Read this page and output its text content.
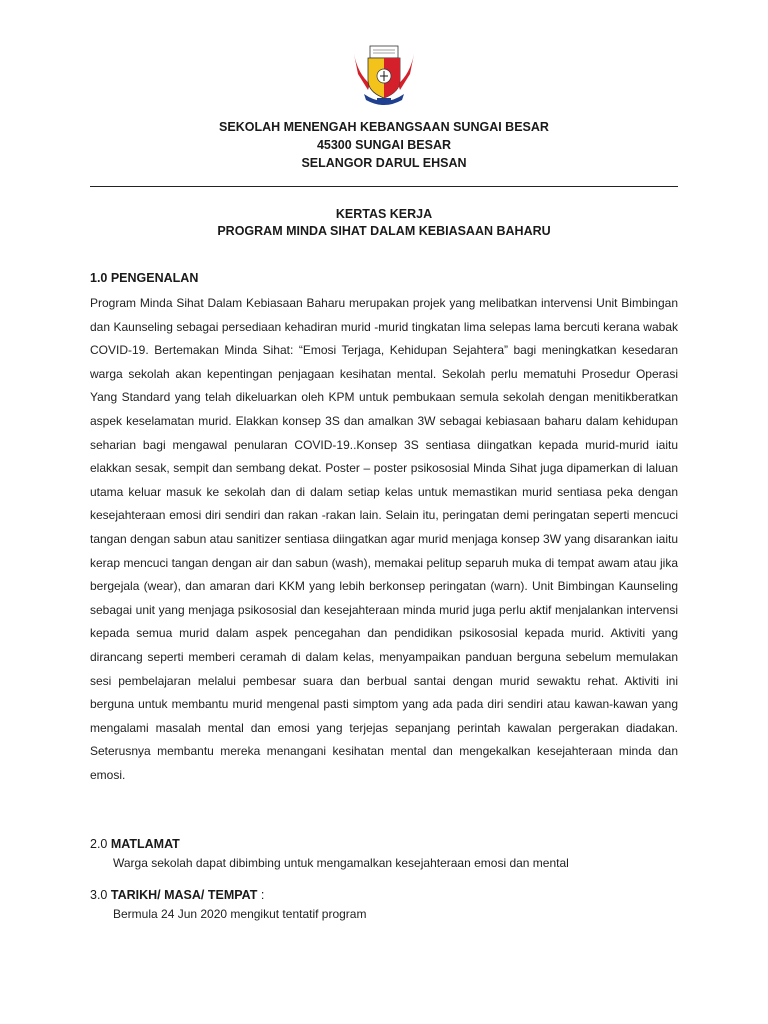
SEKOLAH MENENGAH KEBANGSAAN SUNGAI BESAR
45300 SUNGAI BESAR
SELANGOR DARUL EHSAN
KERTAS KERJA
PROGRAM MINDA SIHAT DALAM KEBIASAAN BAHARU
1.0 PENGENALAN

Program Minda Sihat Dalam Kebiasaan Baharu merupakan projek yang melibatkan intervensi Unit Bimbingan dan Kaunseling sebagai persediaan kehadiran murid -murid tingkatan lima selepas lama bercuti kerana wabak COVID-19. Bertemakan Minda Sihat: “Emosi Terjaga, Kehidupan Sejahtera” bagi meningkatkan kesedaran warga sekolah akan kepentingan penjagaan kesihatan mental. Sekolah perlu mematuhi Prosedur Operasi Yang Standard yang telah dikeluarkan oleh KPM untuk pembukaan semula sekolah dengan menitikberatkan aspek keselamatan murid. Elakkan konsep 3S dan amalkan 3W sebagai kebiasaan baharu dalam kehidupan seharian bagi mengawal penularan COVID-19..Konsep 3S sentiasa diingatkan kepada murid-murid iaitu elakkan sesak, sempit dan sembang dekat. Poster – poster psikososial Minda Sihat juga dipamerkan di laluan utama keluar masuk ke sekolah dan di dalam setiap kelas untuk memastikan murid sentiasa peka dengan kesejahteraan emosi diri sendiri dan rakan -rakan lain. Selain itu, peringatan demi peringatan seperti mencuci tangan dengan sabun atau sanitizer sentiasa diingatkan agar murid menjaga konsep 3W yang disarankan iaitu kerap mencuci tangan dengan air dan sabun (wash), memakai pelitup separuh muka di tempat awam atau jika bergejala (wear), dan amaran dari KKM yang lebih berkonsep peringatan (warn). Unit Bimbingan Kaunseling sebagai unit yang menjaga psikososial dan kesejahteraan minda murid juga perlu aktif menjalankan intervensi kepada semua murid dalam aspek pencegahan dan pendidikan psikososial kepada murid. Aktiviti yang dirancang seperti memberi ceramah di dalam kelas, menyampaikan panduan berguna sebelum memulakan sesi pembelajaran melalui pembesar suara dan berbual santai dengan murid sewaktu rehat. Aktiviti ini berguna untuk membantu murid mengenal pasti simptom yang ada pada diri sendiri atau kawan-kawan yang mengalami masalah mental dan emosi yang terjejas sepanjang perintah kawalan pergerakan diadakan. Seterusnya membantu mereka menangani kesihatan mental dan mengekalkan kesejahteraan minda dan emosi.

2.0 MATLAMAT
Warga sekolah dapat dibimbing untuk mengamalkan kesejahteraan emosi dan mental
3.0 TARIKH/ MASA/ TEMPAT :
Bermula 24 Jun 2020 mengikut tentatif program
